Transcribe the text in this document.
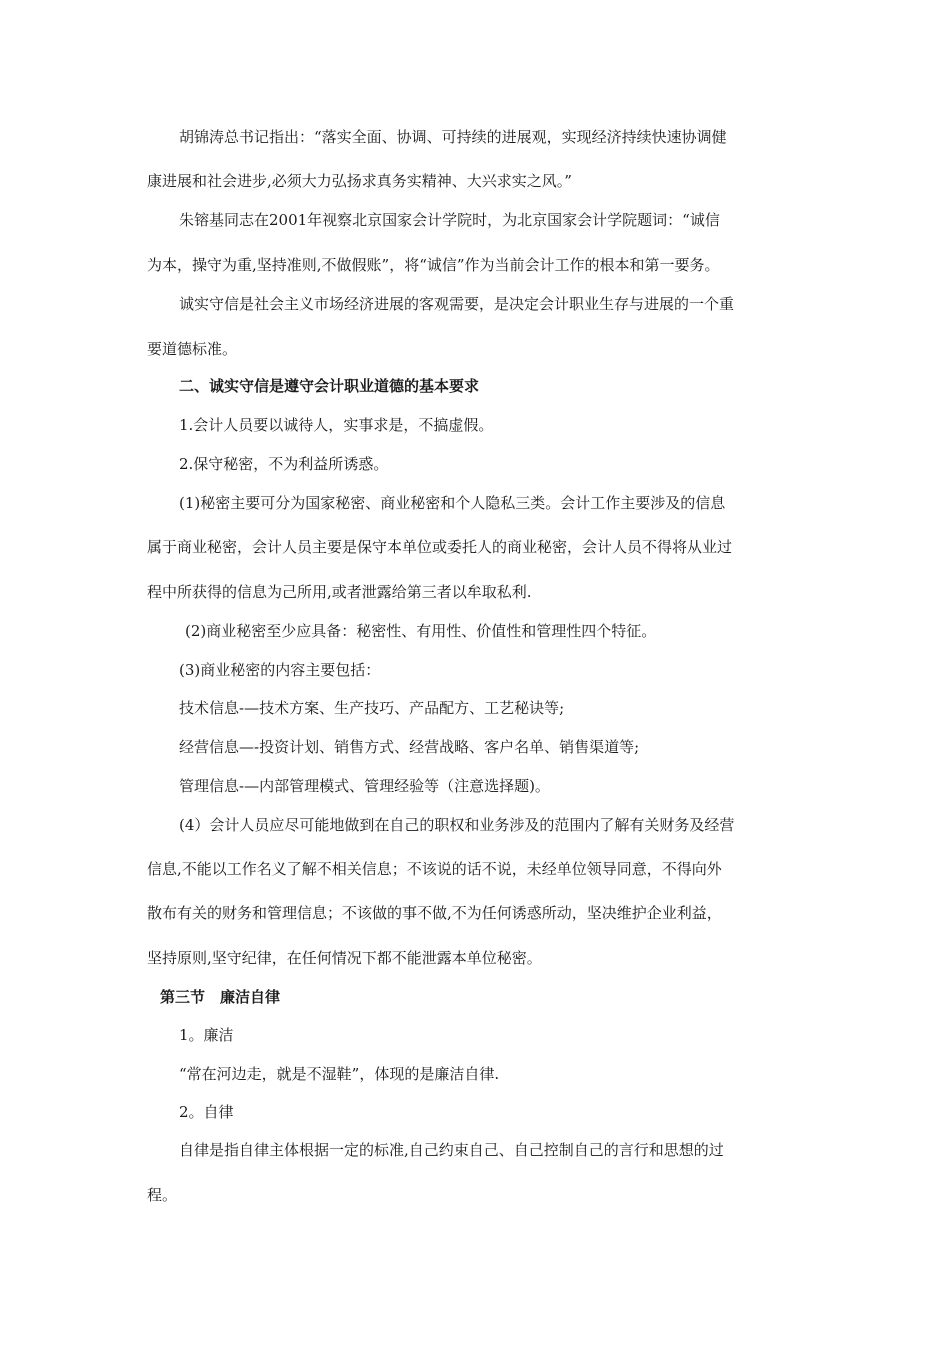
胡锦涛总书记指出：“落实全面、协调、可持续的进展观，实现经济持续快速协调健
康进展和社会进步,必须大力弘扬求真务实精神、大兴求实之风。”
朱镕基同志在2001年视察北京国家会计学院时，为北京国家会计学院题词：“诚信
为本，操守为重,坚持准则,不做假账”，将“诚信”作为当前会计工作的根本和第一要务。
诚实守信是社会主义市场经济进展的客观需要，是决定会计职业生存与进展的一个重
要道德标准。
二、诚实守信是遵守会计职业道德的基本要求
1.会计人员要以诚待人，实事求是，不搞虚假。
2.保守秘密，不为利益所诱惑。
(1)秘密主要可分为国家秘密、商业秘密和个人隐私三类。会计工作主要涉及的信息
属于商业秘密，会计人员主要是保守本单位或委托人的商业秘密，会计人员不得将从业过
程中所获得的信息为己所用,或者泄露给第三者以牟取私利.
(2)商业秘密至少应具备：秘密性、有用性、价值性和管理性四个特征。
(3)商业秘密的内容主要包括：
技术信息-—技术方案、生产技巧、产品配方、工艺秘诀等;
经营信息—-投资计划、销售方式、经营战略、客户名单、销售渠道等;
管理信息-—内部管理模式、管理经验等（注意选择题)。
(4）会计人员应尽可能地做到在自己的职权和业务涉及的范围内了解有关财务及经营
信息,不能以工作名义了解不相关信息；不该说的话不说，未经单位领导同意，不得向外
散布有关的财务和管理信息；不该做的事不做,不为任何诱惑所动，坚决维护企业利益，
坚持原则,坚守纪律，在任何情况下都不能泄露本单位秘密。
第三节　廉洁自律
1。廉洁
“常在河边走，就是不湿鞋”，体现的是廉洁自律.
2。自律
自律是指自律主体根据一定的标准,自己约束自己、自己控制自己的言行和思想的过
程。
